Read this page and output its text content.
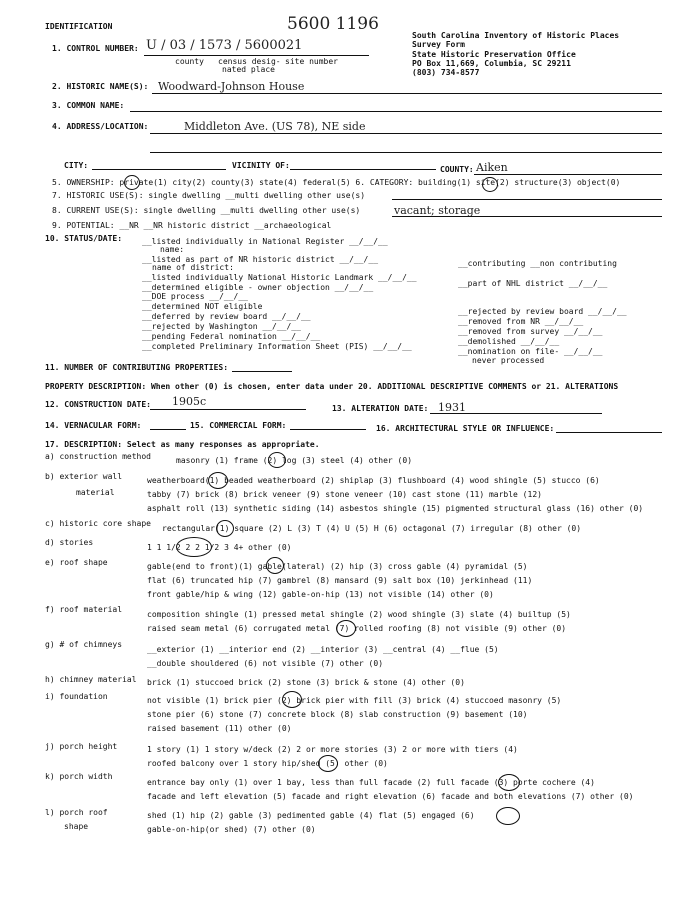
IDENTIFICATION	5600 1196
South Carolina Inventory of Historic Places
Survey Form
State Historic Preservation Office
PO Box 11,669, Columbia, SC 29211
(803) 734-8577
1. CONTROL NUMBER: U / 03 / 1573 / 5600021
county census desig-
nated place
site number
2. HISTORIC NAME(S): Woodward-Johnson House
3. COMMON NAME:
4. ADDRESS/LOCATION:	Middleton Ave. (US 78), NE side
CITY:	VICINITY OF:	COUNTY: Aiken
5. OWNERSHIP: private(1) city(2) county(3) state(4) federal(5) 6. CATEGORY: building(1) site(2) structure(3) object(0)
7. HISTORIC USE(S): single dwelling __multi dwelling other use(s)
8. CURRENT USE(S): single dwelling __multi dwelling other use(s)	vacant; storage
9. POTENTIAL: __NR __NR historic district __archaeological
10. STATUS/DATE: __listed individually in National Register __/__/__
name:
__listed as part of NR historic district __/__/__
name of district:	__contributing __non contributing
__listed individually National Historic Landmark __/__/__
__part of NHL district __/__/__
__determined eligible - owner objection __/__/__
__DOE process __/__/__
__determined NOT eligible
__deferred by review board __/__/__
__rejected by Washington __/__/__
__pending Federal nomination __/__/__
__completed Preliminary Information Sheet (PIS) __/__/__
__rejected by review board __/__/__
__removed from NR __/__/__
__removed from survey __/__/__
__demolished __/__/__
__nomination on file- __/__/__
never processed
11. NUMBER OF CONTRIBUTING PROPERTIES:
PROPERTY DESCRIPTION: When other (0) is chosen, enter data under 20. ADDITIONAL DESCRIPTIVE COMMENTS or 21. ALTERATIONS
12. CONSTRUCTION DATE: 1905c
13. ALTERATION DATE: 1931
14. VERNACULAR FORM:	15. COMMERCIAL FORM:	16. ARCHITECTURAL STYLE OR INFLUENCE:
17. DESCRIPTION: Select as many responses as appropriate.
a) construction method	masonry (1) frame (2) log (3) steel (4) other (0)
b) exterior wall
material
weatherboard(1) beaded weatherboard (2) shiplap (3) flushboard (4) wood shingle (5) stucco (6)
tabby (7) brick (8) brick veneer (9) stone veneer (10) cast stone (11) marble (12)
asphalt roll (13) synthetic siding (14) asbestos shingle (15) pigmented structural glass (16) other (0)
c) historic core shape
rectangular(1) square (2) L (3) T (4) U (5) H (6) octagonal (7) irregular (8) other (0)
d) stories
1 1 1/2 2 2 1/2 3 4+ other (0)
e) roof shape	gable(end to front)(1) gable(lateral) (2) hip (3) cross gable (4) pyramidal (5)
flat (6) truncated hip (7) gambrel (8) mansard (9) salt box (10) jerkinhead (11)
front gable/hip & wing (12) gable-on-hip (13) not visible (14) other (0)
f) roof material
composition shingle (1) pressed metal shingle (2) wood shingle (3) slate (4) builtup (5)
raised seam metal (6) corrugated metal (7) rolled roofing (8) not visible (9) other (0)
g) # of chimneys
__exterior (1) __interior end (2) __interior (3) __central (4) __flue (5)
__double shouldered (6) not visible (7) other (0)
h) chimney material brick (1) stuccoed brick (2) stone (3) brick & stone (4) other (0)
i) foundation	not visible (1) brick pier (2) brick pier with fill (3) brick (4) stuccoed masonry (5)
stone pier (6) stone (7) concrete block (8) slab construction (9) basement (10)
raised basement (11) other (0)
j) porch height	1 story (1) 1 story w/deck (2) 2 or more stories (3) 2 or more with tiers (4)
roofed balcony over 1 story hip/shed (5) other (0)
k) porch width
entrance bay only (1) over 1 bay, less than full facade (2) full facade (3) porte cochere (4)
facade and left elevation (5) facade and right elevation (6) facade and both elevations (7) other (0)
l) porch roof
shape
shed (1) hip (2) gable (3) pedimented gable (4) flat (5) engaged (6)
gable-on-hip(or shed) (7) other (0)
